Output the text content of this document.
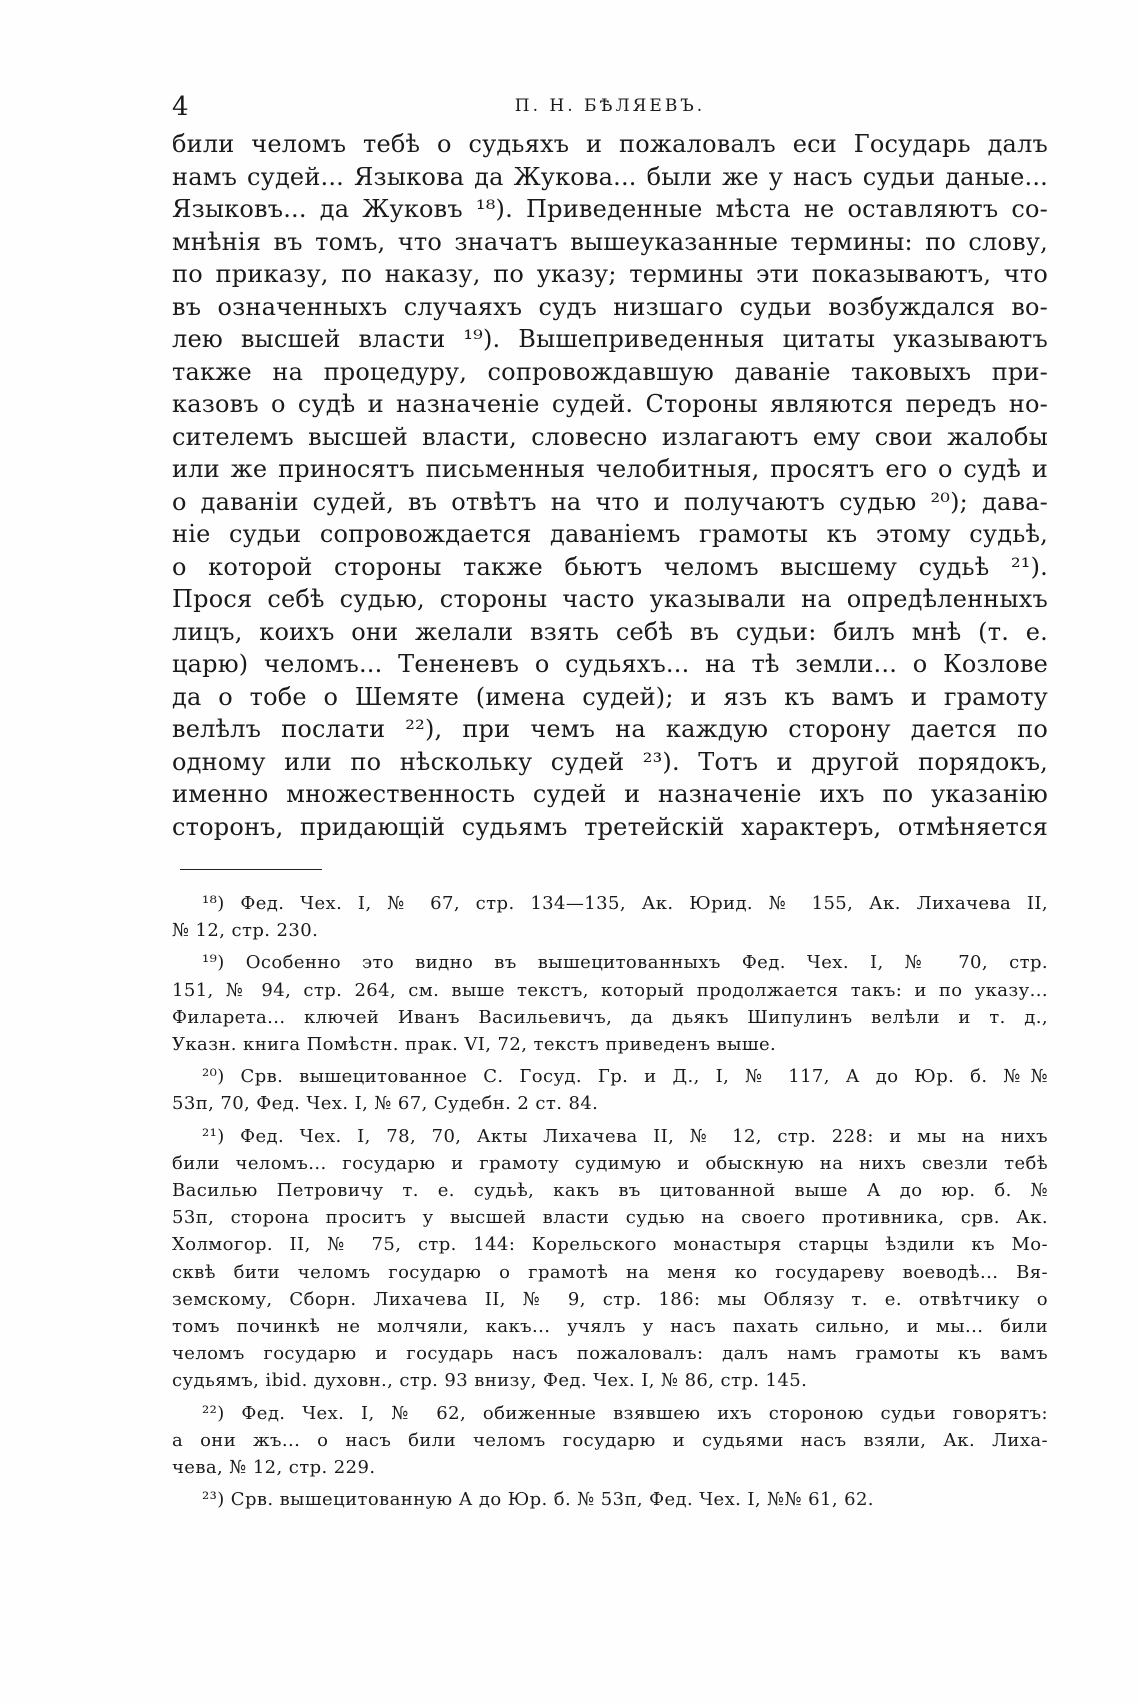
4	П. Н. БѢЛЯЕВЪ.
били челомъ тебѣ о судьяхъ и пожаловалъ еси Государь далъ
намъ судей... Языкова да Жукова... были же у насъ судьи даные...
Языковъ... да Жуковъ ¹⁸). Приведенные мѣста не оставляютъ со-
мнѣнія въ томъ, что значатъ вышеуказанные термины: по слову,
по приказу, по наказу, по указу; термины эти показываютъ, что
въ означенныхъ случаяхъ судъ низшаго судьи возбуждался во-
лею высшей власти ¹⁹). Вышеприведенныя цитаты указываютъ
также на процедуру, сопровождавшую даваніе таковыхъ при-
казовъ о судѣ и назначеніе судей. Стороны являются передъ но-
сителемъ высшей власти, словесно излагаютъ ему свои жалобы
или же приносятъ письменныя челобитныя, просятъ его о судѣ и
о даваніи судей, въ отвѣтъ на что и получаютъ судью ²⁰); дава-
ніе судьи сопровождается даваніемъ грамоты къ этому судьѣ,
о которой стороны также бьютъ челомъ высшему судьѣ ²¹).
Прося себѣ судью, стороны часто указывали на опредѣленныхъ
лицъ, коихъ они желали взять себѣ въ судьи: билъ мнѣ (т. е.
царю) челомъ... Тененевъ о судьяхъ... на тѣ земли... о Козлове
да о тобе о Шемяте (имена судей); и язъ къ вамъ и грамоту
велѣлъ послати ²²), при чемъ на каждую сторону дается по
одному или по нѣскольку судей ²³). Тотъ и другой порядокъ,
именно множественность судей и назначеніе ихъ по указанію
сторонъ, придающій судьямъ третейскій характеръ, отмѣняется
¹⁸) Фед. Чех. I, № 67, стр. 134—135, Ак. Юрид. № 155, Ак. Лихачева II,
№ 12, стр. 230.
¹⁹) Особенно это видно въ вышецитованныхъ Фед. Чех. I, № 70, стр.
151, № 94, стр. 264, см. выше текстъ, который продолжается такъ: и по указу...
Филарета... ключей Иванъ Васильевичъ, да дьякъ Шипулинъ велѣли и т. д.,
Указн. книга Помѣстн. прак. VI, 72, текстъ приведенъ выше.
²⁰) Срв. вышецитованное С. Госуд. Гр. и Д., I, № 117, А до Юр. б. №№
53п, 70, Фед. Чех. I, № 67, Судебн. 2 ст. 84.
²¹) Фед. Чех. I, 78, 70, Акты Лихачева II, № 12, стр. 228: и мы на нихъ
били челомъ... государю и грамоту судимую и обыскную на нихъ свезли тебѣ
Василью Петровичу т. е. судьѣ, какъ въ цитованной выше А до юр. б. №
53п, сторона проситъ у высшей власти судью на своего противника, срв. Ак.
Холмогор. II, № 75, стр. 144: Корельского монастыря старцы ѣздили къ Мо-
сквѣ бити челомъ государю о грамотѣ на меня ко государеву воеводѣ... Вя-
земскому, Сборн. Лихачева II, № 9, стр. 186: мы Облязу т. е. отвѣтчику о
томъ починкѣ не молчяли, какъ... учялъ у насъ пахать сильно, и мы... били
челомъ государю и государь насъ пожаловалъ: далъ намъ грамоты къ вамъ
судьямъ, ibid. духовн., стр. 93 внизу, Фед. Чех. I, № 86, стр. 145.
²²) Фед. Чех. I, № 62, обиженные взявшею ихъ стороною судьи говорятъ:
а они жъ... о насъ били челомъ государю и судьями насъ взяли, Ак. Лиха-
чева, № 12, стр. 229.
²³) Срв. вышецитованную А до Юр. б. № 53п, Фед. Чех. I, №№ 61, 62.
